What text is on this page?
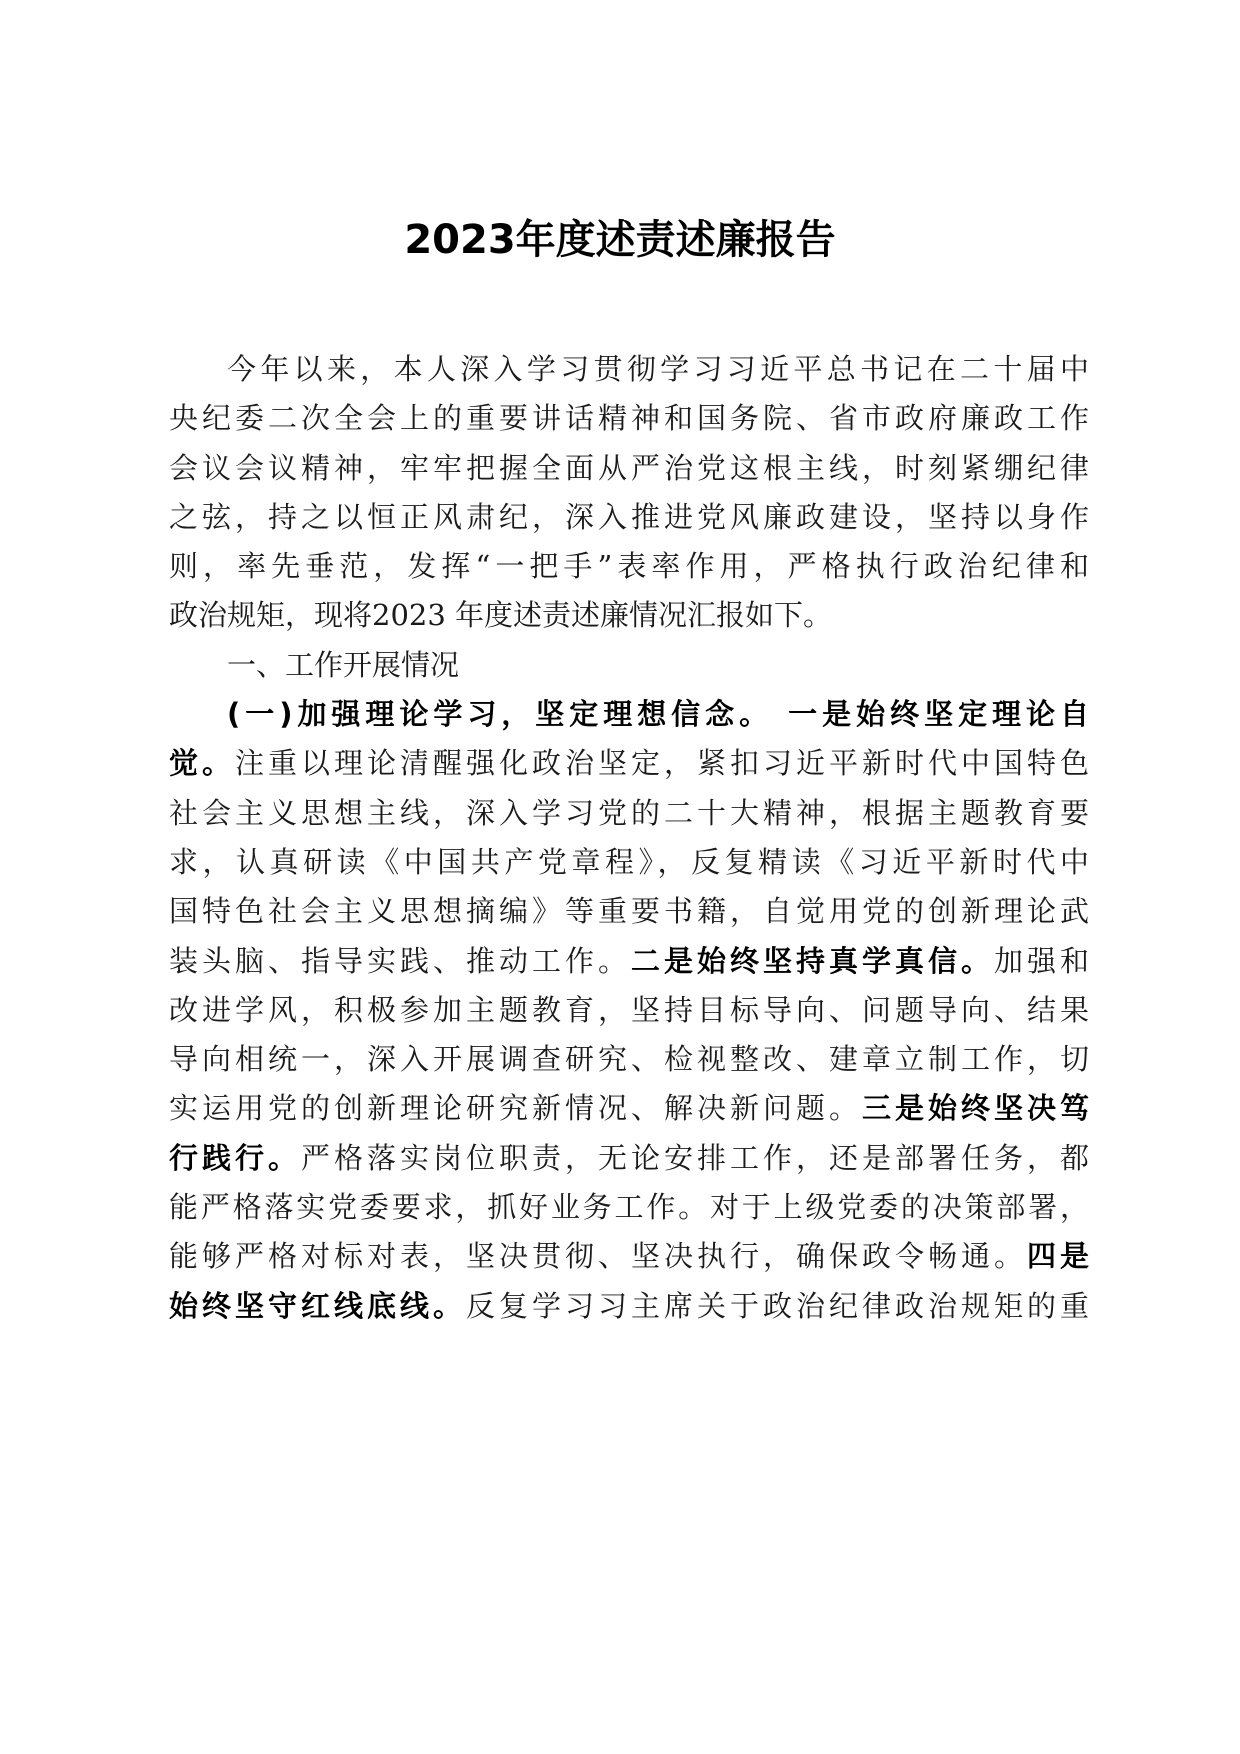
2023年度述责述廉报告
今年以来，本人深入学习贯彻学习习近平总书记在二十届中
央纪委二次全会上的重要讲话精神和国务院、省市政府廉政工作
会议会议精神，牢牢把握全面从严治党这根主线，时刻紧绷纪律
之弦，持之以恒正风肃纪，深入推进党风廉政建设，坚持以身作
则，率先垂范，发挥“一把手”表率作用，严格执行政治纪律和
政治规矩，现将2023 年度述责述廉情况汇报如下。
一、工作开展情况
(一)加强理论学习，坚定理想信念。 一是始终坚定理论自
觉。注重以理论清醒强化政治坚定，紧扣习近平新时代中国特色
社会主义思想主线，深入学习党的二十大精神，根据主题教育要
求，认真研读《中国共产党章程》，反复精读《习近平新时代中
国特色社会主义思想摘编》等重要书籍，自觉用党的创新理论武
装头脑、指导实践、推动工作。二是始终坚持真学真信。加强和
改进学风，积极参加主题教育，坚持目标导向、问题导向、结果
导向相统一，深入开展调查研究、检视整改、建章立制工作，切
实运用党的创新理论研究新情况、解决新问题。三是始终坚决笃
行践行。严格落实岗位职责，无论安排工作，还是部署任务，都
能严格落实党委要求，抓好业务工作。对于上级党委的决策部署，
能够严格对标对表，坚决贯彻、坚决执行，确保政令畅通。四是
始终坚守红线底线。反复学习习主席关于政治纪律政治规矩的重
